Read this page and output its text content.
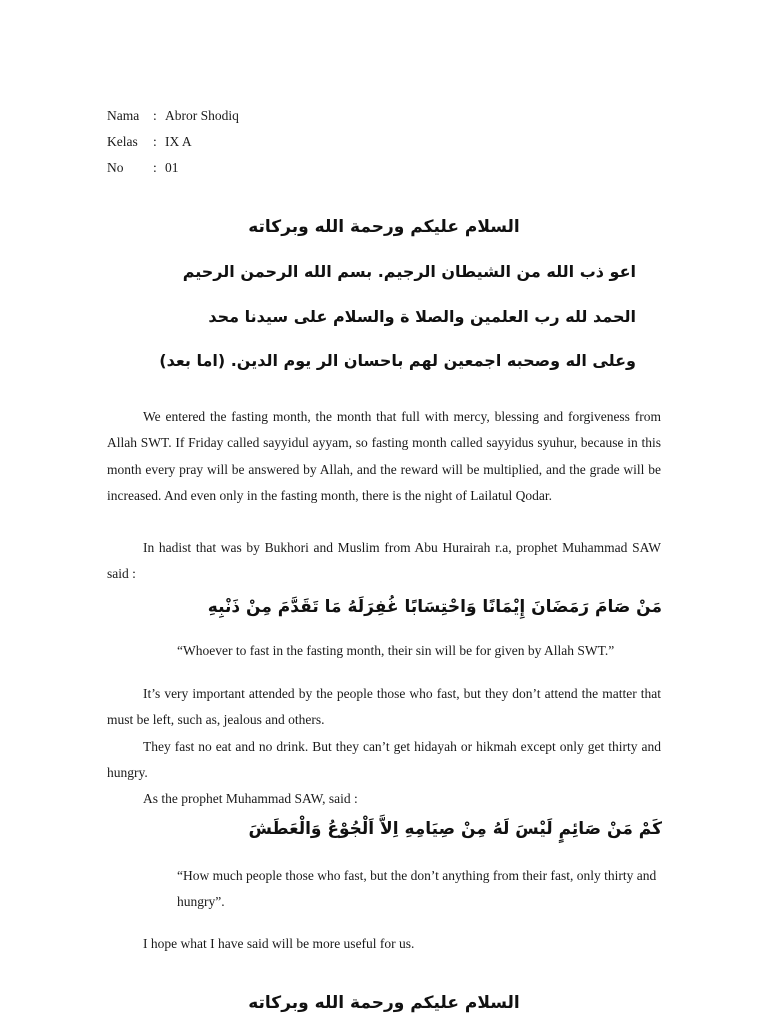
Nama : Abror Shodiq
Kelas : IX A
No : 01
السلام عليكم ورحمة الله وبركاته
اعو ذب الله من الشيطان الرجيم. بسم الله الرحمن الرحيم
الحمد لله رب العلمين والصلا ة والسلام على سيدنا محد
وعلى اله وصحبه اجمعين لهم باحسان الر يوم الدين. (اما بعد)
We entered the fasting month, the month that full with mercy, blessing and forgiveness from Allah SWT. If Friday called sayyidul ayyam, so fasting month called sayyidus syuhur, because in this month every pray will be answered by Allah, and the reward will be multiplied, and the grade will be increased. And even only in the fasting month, there is the night of Lailatul Qodar.
In hadist that was by Bukhori and Muslim from Abu Hurairah r.a, prophet Muhammad SAW said :
مَنْ صَامَ رَمَضَانَ إِيْمَانًا وَاحْتِسَابًا غُفِرَلَهُ مَا تَقَدَّمَ مِنْ ذَنْبِهِ
“Whoever to fast in the fasting month, their sin will be for given by Allah SWT.”
It’s very important attended by the people those who fast, but they don’t attend the matter that must be left, such as, jealous and others.
They fast no eat and no drink. But they can’t get hidayah or hikmah except only get thirty and hungry.
As the prophet Muhammad SAW, said :
كَمْ مَنْ صَائِمٍ لَيْسَ لَهُ مِنْ صِيَامِهِ اِلاَّ اَلْجُوْعُ وَالْعَطَشَ
“How much people those who fast, but the don’t anything from their fast, only thirty and hungry”.
I hope what I have said will be more useful for us.
السلام عليكم ورحمة الله وبركاته
